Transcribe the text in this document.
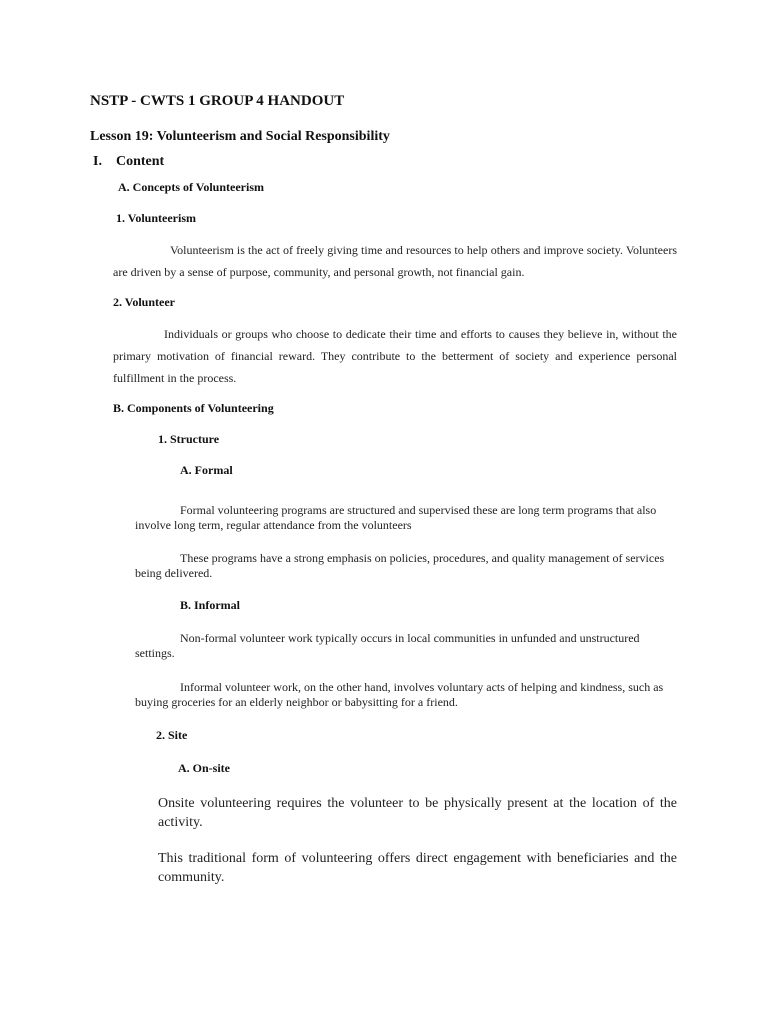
NSTP - CWTS 1 GROUP 4 HANDOUT
Lesson 19: Volunteerism and Social Responsibility
I. Content
A. Concepts of Volunteerism
1. Volunteerism

Volunteerism is the act of freely giving time and resources to help others and improve society. Volunteers are driven by a sense of purpose, community, and personal growth, not financial gain.

2. Volunteer

Individuals or groups who choose to dedicate their time and efforts to causes they believe in, without the primary motivation of financial reward. They contribute to the betterment of society and experience personal fulfillment in the process.

B. Components of Volunteering
1. Structure
A. Formal

Formal volunteering programs are structured and supervised these are long term programs that also involve long term, regular attendance from the volunteers

These programs have a strong emphasis on policies, procedures, and quality management of services being delivered.

B. Informal

Non-formal volunteer work typically occurs in local communities in unfunded and unstructured settings.

Informal volunteer work, on the other hand, involves voluntary acts of helping and kindness, such as buying groceries for an elderly neighbor or babysitting for a friend.

2. Site
A. On-site

Onsite volunteering requires the volunteer to be physically present at the location of the activity.

This traditional form of volunteering offers direct engagement with beneficiaries and the community.
